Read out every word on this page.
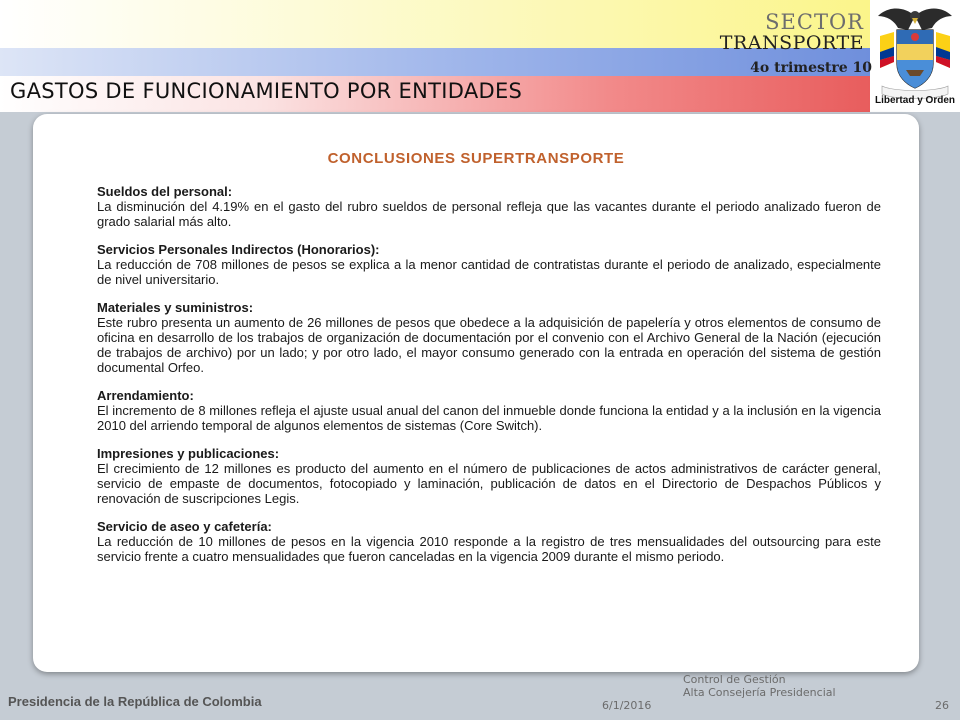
SECTOR
TRANSPORTE
4o trimestre 10
GASTOS DE FUNCIONAMIENTO POR ENTIDADES	Libertad y Orden
CONCLUSIONES SUPERTRANSPORTE
Sueldos del personal:
La disminución del 4.19% en el gasto del rubro sueldos de personal refleja que las vacantes durante el periodo analizado fueron de grado salarial más alto.
Servicios Personales Indirectos (Honorarios):
La reducción de 708 millones de pesos se explica a la menor cantidad de contratistas durante el periodo de analizado, especialmente de nivel universitario.
Materiales y suministros:
Este rubro presenta un aumento de 26 millones de pesos que obedece a la adquisición de papelería y otros elementos de consumo de oficina en desarrollo de los trabajos de organización de documentación por el convenio con el Archivo General de la Nación (ejecución de trabajos de archivo) por un lado; y por otro lado, el mayor consumo generado con la entrada en operación del sistema de gestión documental Orfeo.
Arrendamiento:
El incremento de 8 millones refleja el ajuste usual anual del canon del inmueble donde funciona la entidad y a la inclusión en la vigencia 2010 del arriendo temporal de algunos elementos de sistemas (Core Switch).
Impresiones y publicaciones:
El crecimiento de 12 millones es producto del aumento en el número de publicaciones de actos administrativos de carácter general, servicio de empaste de documentos, fotocopiado y laminación, publicación de datos en el Directorio de Despachos Públicos y renovación de suscripciones Legis.
Servicio de aseo y cafetería:
La reducción de 10 millones de pesos en la vigencia 2010 responde a la registro de tres mensualidades del outsourcing para este servicio frente a cuatro mensualidades que fueron canceladas en la vigencia 2009 durante el mismo periodo.
Presidencia de la República de Colombia	6/1/2016
Control de Gestión
Alta Consejería Presidencial
26
